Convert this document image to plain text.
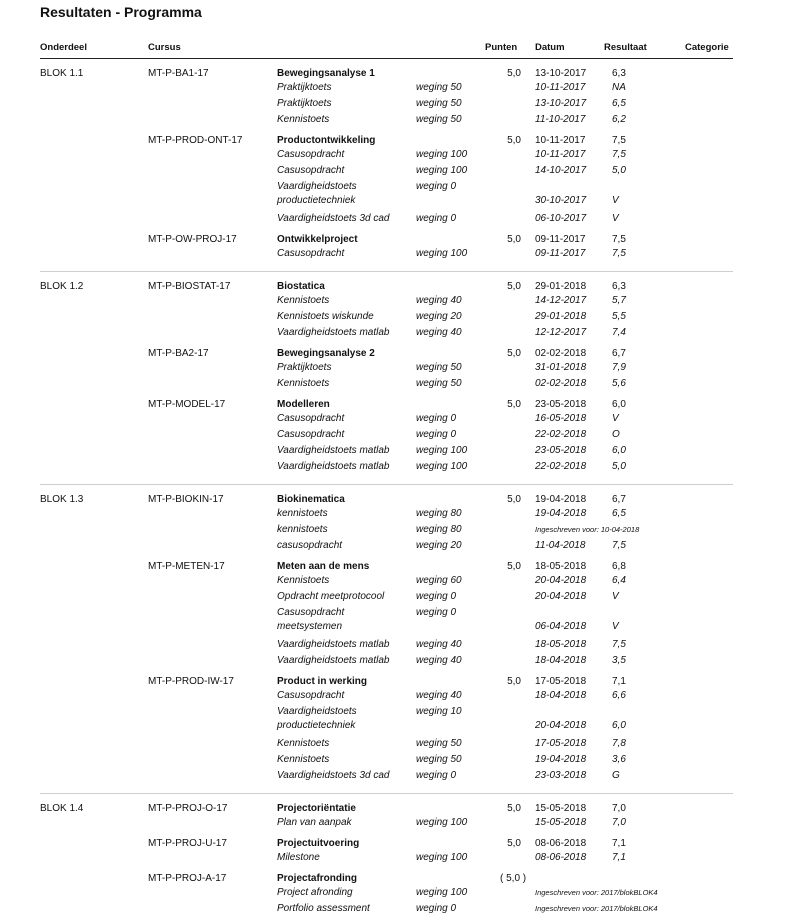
Resultaten - Programma
Onderdeel	Cursus	Punten Datum	Resultaat	Categorie
BLOK 1.1	MT-P-BA1-17	Bewegingsanalyse 1	5,0 13-10-2017	6,3
Praktijktoets	weging 50	10-11-2017	NA
Praktijktoets	weging 50	13-10-2017	6,5
Kennistoets	weging 50	11-10-2017	6,2
MT-P-PROD-ONT-17	Productontwikkeling	5,0 10-11-2017	7,5
Casusopdracht	weging 100	10-11-2017	7,5
Casusopdracht	weging 100	14-10-2017	5,0
Vaardigheidstoets	weging 0
productietechniek	30-10-2017	V
Vaardigheidstoets 3d cad	weging 0	06-10-2017	V
MT-P-OW-PROJ-17	Ontwikkelproject	5,0 09-11-2017	7,5
Casusopdracht	weging 100	09-11-2017	7,5
BLOK 1.2	MT-P-BIOSTAT-17	Biostatica	5,0 29-01-2018	6,3
Kennistoets	weging 40	14-12-2017	5,7
Kennistoets wiskunde	weging 20	29-01-2018	5,5
Vaardigheidstoets matlab	weging 40	12-12-2017	7,4
MT-P-BA2-17	Bewegingsanalyse 2	5,0 02-02-2018	6,7
Praktijktoets	weging 50	31-01-2018	7,9
Kennistoets	weging 50	02-02-2018	5,6
MT-P-MODEL-17	Modelleren	5,0 23-05-2018	6,0
Casusopdracht	weging 0	16-05-2018	V
Casusopdracht	weging 0	22-02-2018	O
Vaardigheidstoets matlab	weging 100	23-05-2018	6,0
Vaardigheidstoets matlab	weging 100	22-02-2018	5,0
BLOK 1.3	MT-P-BIOKIN-17	Biokinematica	5,0 19-04-2018	6,7
kennistoets	weging 80	19-04-2018	6,5
kennistoets	weging 80	Ingeschreven voor: 10-04-2018
casusopdracht	weging 20	11-04-2018	7,5
MT-P-METEN-17	Meten aan de mens	5,0 18-05-2018	6,8
Kennistoets	weging 60	20-04-2018	6,4
Opdracht meetprotocool	weging 0	20-04-2018	V
Casusopdracht	weging 0
meetsystemen	06-04-2018	V
Vaardigheidstoets matlab	weging 40	18-05-2018	7,5
Vaardigheidstoets matlab	weging 40	18-04-2018	3,5
MT-P-PROD-IW-17	Product in werking	5,0 17-05-2018	7,1
Casusopdracht	weging 40	18-04-2018	6,6
Vaardigheidstoets	weging 10
productietechniek	20-04-2018	6,0
Kennistoets	weging 50	17-05-2018	7,8
Kennistoets	weging 50	19-04-2018	3,6
Vaardigheidstoets 3d cad	weging 0	23-03-2018	G
BLOK 1.4	MT-P-PROJ-O-17	Projectoriëntatie	5,0 15-05-2018	7,0
Plan van aanpak	weging 100	15-05-2018	7,0
MT-P-PROJ-U-17	Projectuitvoering	5,0 08-06-2018	7,1
Milestone	weging 100	08-06-2018	7,1
MT-P-PROJ-A-17	Projectafronding	( 5,0 )
Project afronding	weging 100	Ingeschreven voor: 2017/blokBLOK4
Portfolio assessment	weging 0	Ingeschreven voor: 2017/blokBLOK4
